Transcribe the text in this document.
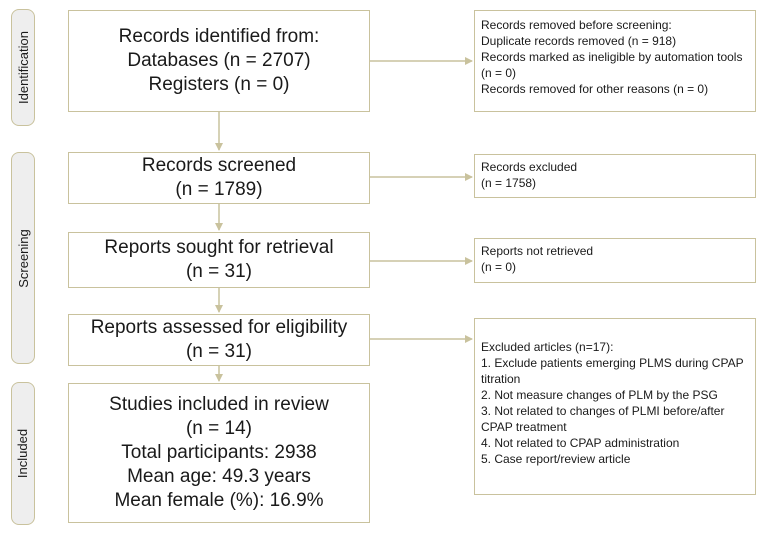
Identification
Screening
Included
Records identified from:
Databases (n = 2707)
Registers (n = 0)
Records removed before screening:
Duplicate records removed (n = 918)
Records marked as ineligible by automation tools (n = 0)
Records removed for other reasons (n = 0)
Records screened
(n = 1789)
Records excluded
(n = 1758)
Reports sought for retrieval
(n = 31)
Reports not retrieved
(n = 0)
Reports assessed for eligibility
(n = 31)	Excluded articles (n=17):
1. Exclude patients emerging PLMS during CPAP titration
2. Not measure changes of PLM by the PSG
3. Not related to changes of PLMI before/after CPAP treatment
4. Not related to CPAP administration
5. Case report/review article
Studies included in review
(n = 14)
Total participants: 2938
Mean age: 49.3 years
Mean female (%): 16.9%
